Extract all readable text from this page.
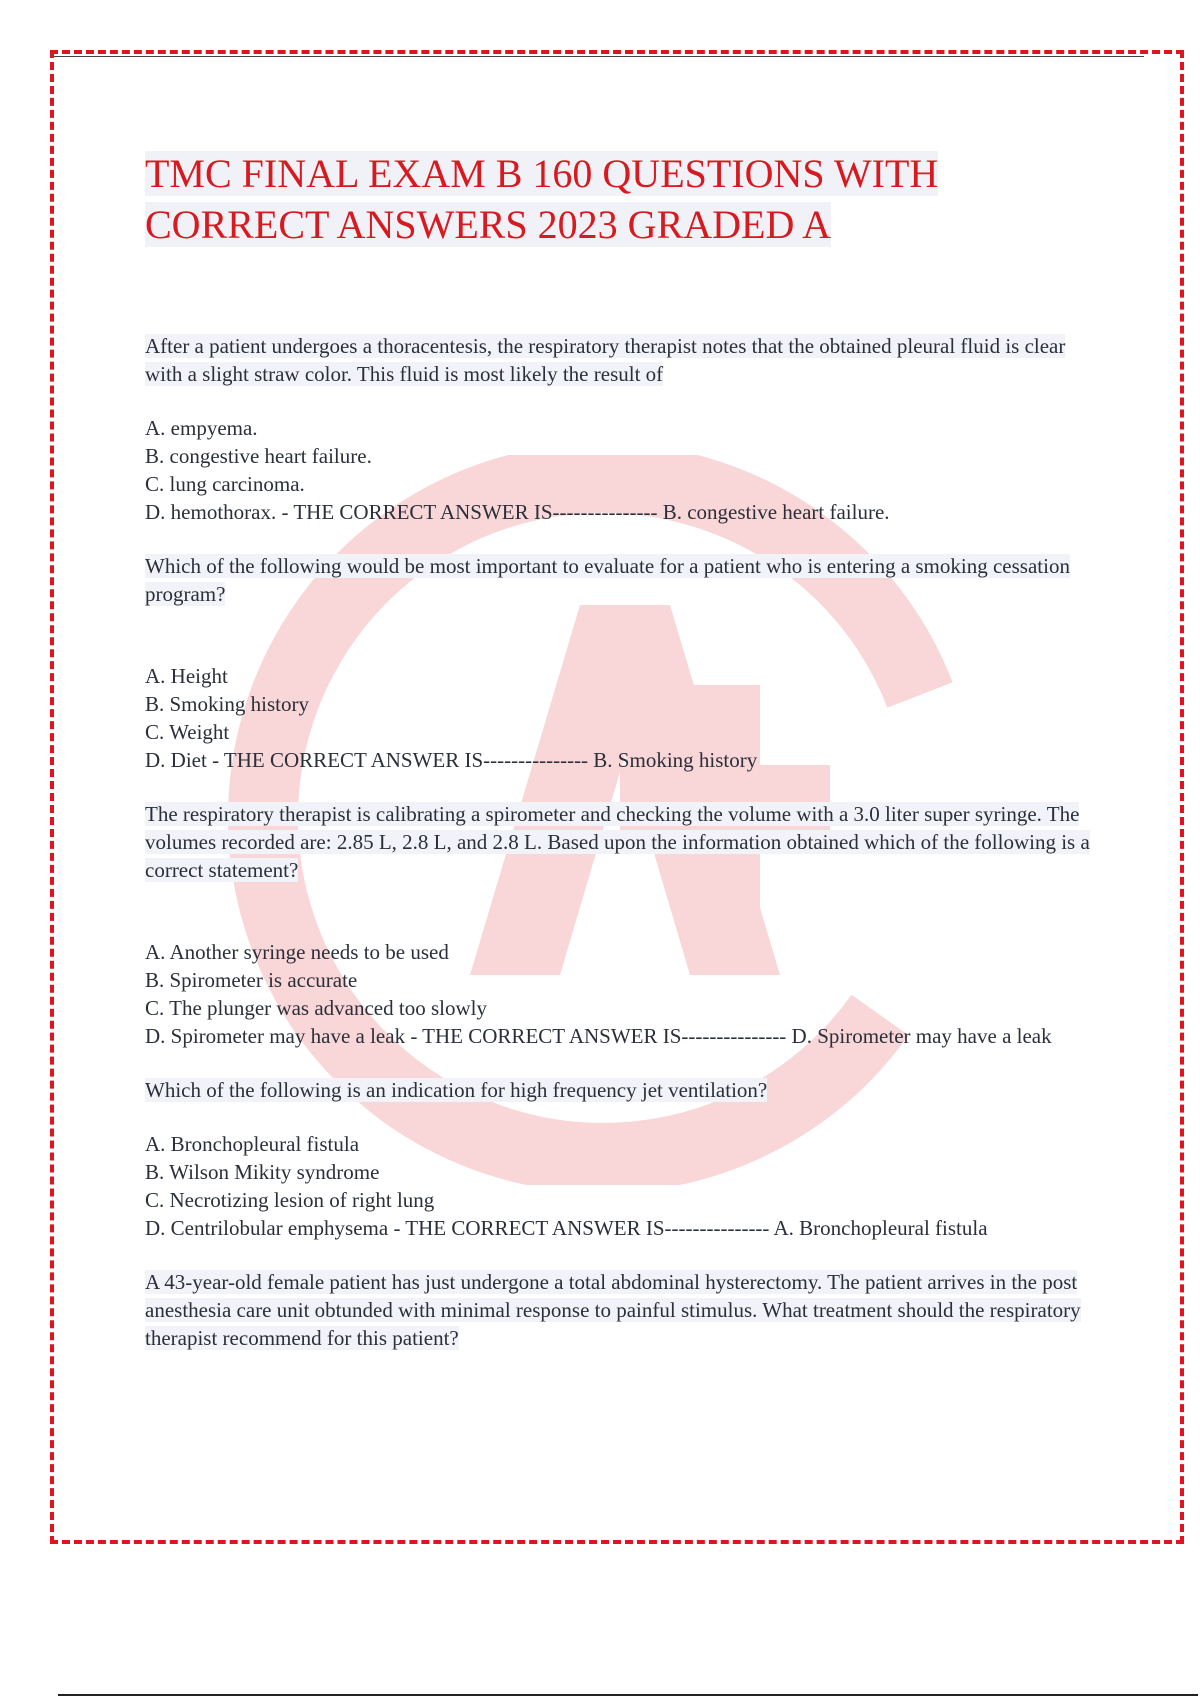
TMC FINAL EXAM B 160 QUESTIONS WITH
CORRECT ANSWERS 2023 GRADED A

After a patient undergoes a thoracentesis, the respiratory therapist notes that the obtained pleural fluid is clear with a slight straw color. This fluid is most likely the result of

A. empyema.
B. congestive heart failure.
C. lung carcinoma.
D. hemothorax. - THE CORRECT ANSWER IS--------------- B. congestive heart failure.

Which of the following would be most important to evaluate for a patient who is entering a smoking cessation program?

A. Height
B. Smoking history
C. Weight
D. Diet - THE CORRECT ANSWER IS--------------- B. Smoking history

The respiratory therapist is calibrating a spirometer and checking the volume with a 3.0 liter super syringe. The volumes recorded are: 2.85 L, 2.8 L, and 2.8 L. Based upon the information obtained which of the following is a correct statement?

A. Another syringe needs to be used
B. Spirometer is accurate
C. The plunger was advanced too slowly
D. Spirometer may have a leak - THE CORRECT ANSWER IS--------------- D. Spirometer may have a leak

Which of the following is an indication for high frequency jet ventilation?

A. Bronchopleural fistula
B. Wilson Mikity syndrome
C. Necrotizing lesion of right lung
D. Centrilobular emphysema - THE CORRECT ANSWER IS--------------- A. Bronchopleural fistula

A 43-year-old female patient has just undergone a total abdominal hysterectomy. The patient arrives in the post anesthesia care unit obtunded with minimal response to painful stimulus. What treatment should the respiratory therapist recommend for this patient?
